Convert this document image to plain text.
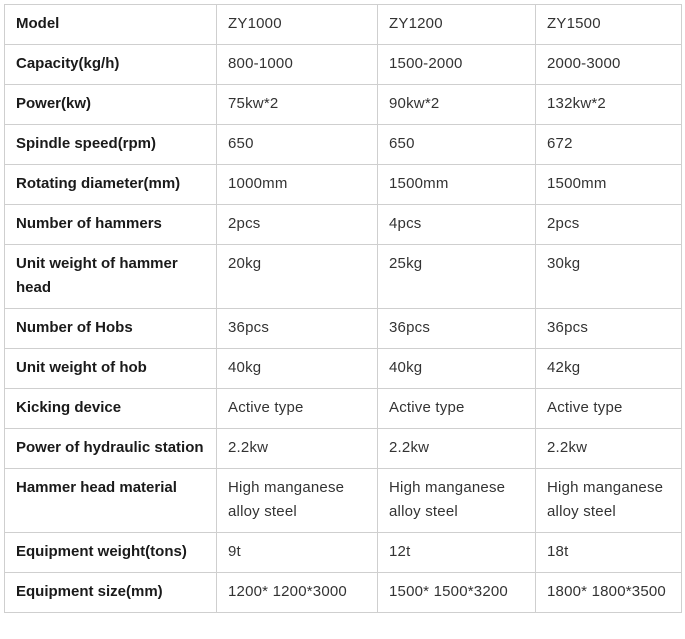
Model	ZY1000	ZY1200	ZY1500
Capacity(kg/h)	800-1000	1500-2000	2000-3000
Power(kw)	75kw*2	90kw*2	132kw*2
Spindle speed(rpm)	650	650	672
Rotating diameter(mm)	1000mm	1500mm	1500mm
Number of hammers	2pcs	4pcs	2pcs
Unit weight of hammer head	20kg	25kg	30kg
Number of Hobs	36pcs	36pcs	36pcs
Unit weight of hob	40kg	40kg	42kg
Kicking device	Active type	Active type	Active type
Power of hydraulic station	2.2kw	2.2kw	2.2kw
Hammer head material	High manganese alloy steel	High manganese alloy steel	High manganese alloy steel
Equipment weight(tons)	9t	12t	18t
Equipment size(mm)	1200* 1200*3000	1500* 1500*3200	1800* 1800*3500
